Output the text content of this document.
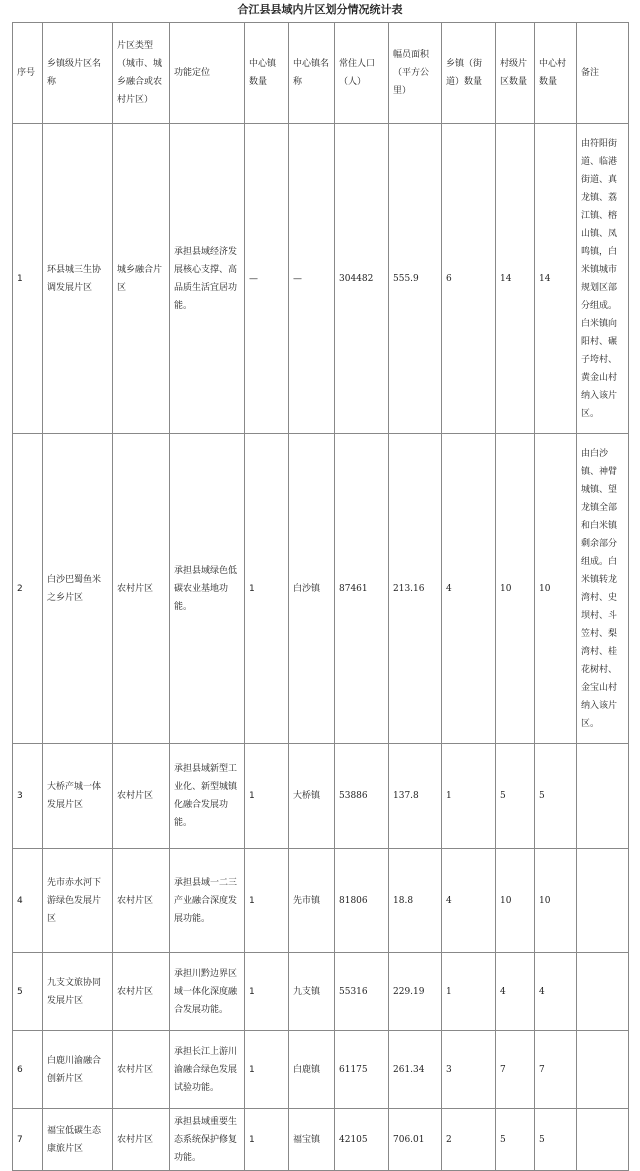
合江县县域内片区划分情况统计表
序号	乡镇级片区名称	片区类型（城市、城乡融合或农村片区）	功能定位	中心镇数量	中心镇名称	常住人口（人）	幅员面积（平方公里）	乡镇（街道）数量	村级片区数量	中心村数量	备注
1	环县城三生协调发展片区	城乡融合片区	承担县域经济发展核心支撑、高品质生活宜居功能。	—	—	304482	555.9	6	14	14	由符阳街道、临港街道、真龙镇、荔江镇、榕山镇、凤鸣镇，白米镇城市规划区部分组成。白米镇向阳村、碾子垮村、黄金山村纳入该片区。
2	白沙巴蜀鱼米之乡片区	农村片区	承担县域绿色低碳农业基地功能。	1	白沙镇	87461	213.16	4	10	10	由白沙镇、神臂城镇、望龙镇全部和白米镇剩余部分组成。白米镇转龙湾村、史坝村、斗笠村、梨湾村、桂花树村、金宝山村纳入该片区。
3	大桥产城一体发展片区	农村片区	承担县域新型工业化、新型城镇化融合发展功能。	1	大桥镇	53886	137.8	1	5	5	
4	先市赤水河下游绿色发展片区	农村片区	承担县域一二三产业融合深度发展功能。	1	先市镇	81806	18.8	4	10	10	
5	九支文旅协同发展片区	农村片区	承担川黔边界区域一体化深度融合发展功能。	1	九支镇	55316	229.19	1	4	4	
6	白鹿川渝融合创新片区	农村片区	承担长江上游川渝融合绿色发展试验功能。	1	白鹿镇	61175	261.34	3	7	7	
7	福宝低碳生态康旅片区	农村片区	承担县域重要生态系统保护修复功能。	1	福宝镇	42105	706.01	2	5	5	
